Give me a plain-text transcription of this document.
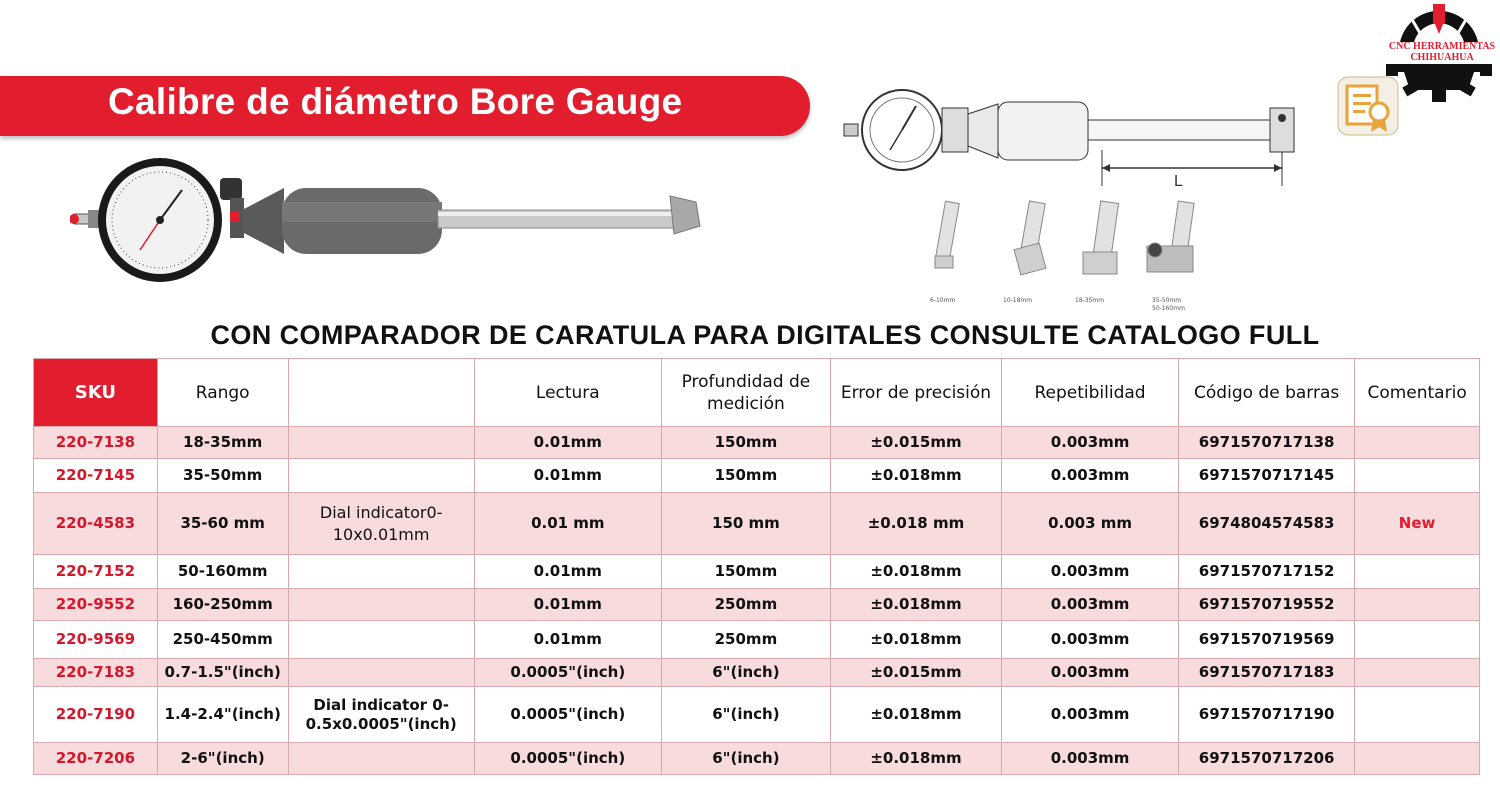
Calibre de diámetro Bore Gauge
CNC HERRAMIENTAS
CHIHUAHUA
L
6-10mm	10-18mm	18-35mm	35-50mm
50-160mm
CON COMPARADOR DE CARATULA PARA DIGITALES CONSULTE CATALOGO FULL
SKU	Rango		Lectura	Profundidad de medición	Error de precisión	Repetibilidad	Código de barras	Comentario
220-7138	18-35mm		0.01mm	150mm	±0.015mm	0.003mm	6971570717138	
220-7145	35-50mm		0.01mm	150mm	±0.018mm	0.003mm	6971570717145	
220-4583	35-60 mm	Dial indicator0-10x0.01mm	0.01 mm	150 mm	±0.018 mm	0.003 mm	6974804574583	New
220-7152	50-160mm		0.01mm	150mm	±0.018mm	0.003mm	6971570717152	
220-9552	160-250mm		0.01mm	250mm	±0.018mm	0.003mm	6971570719552	
220-9569	250-450mm		0.01mm	250mm	±0.018mm	0.003mm	6971570719569	
220-7183	0.7-1.5"(inch)		0.0005"(inch)	6"(inch)	±0.015mm	0.003mm	6971570717183	
220-7190	1.4-2.4"(inch)	Dial indicator 0-0.5x0.0005"(inch)	0.0005"(inch)	6"(inch)	±0.018mm	0.003mm	6971570717190	
220-7206	2-6"(inch)		0.0005"(inch)	6"(inch)	±0.018mm	0.003mm	6971570717206	
